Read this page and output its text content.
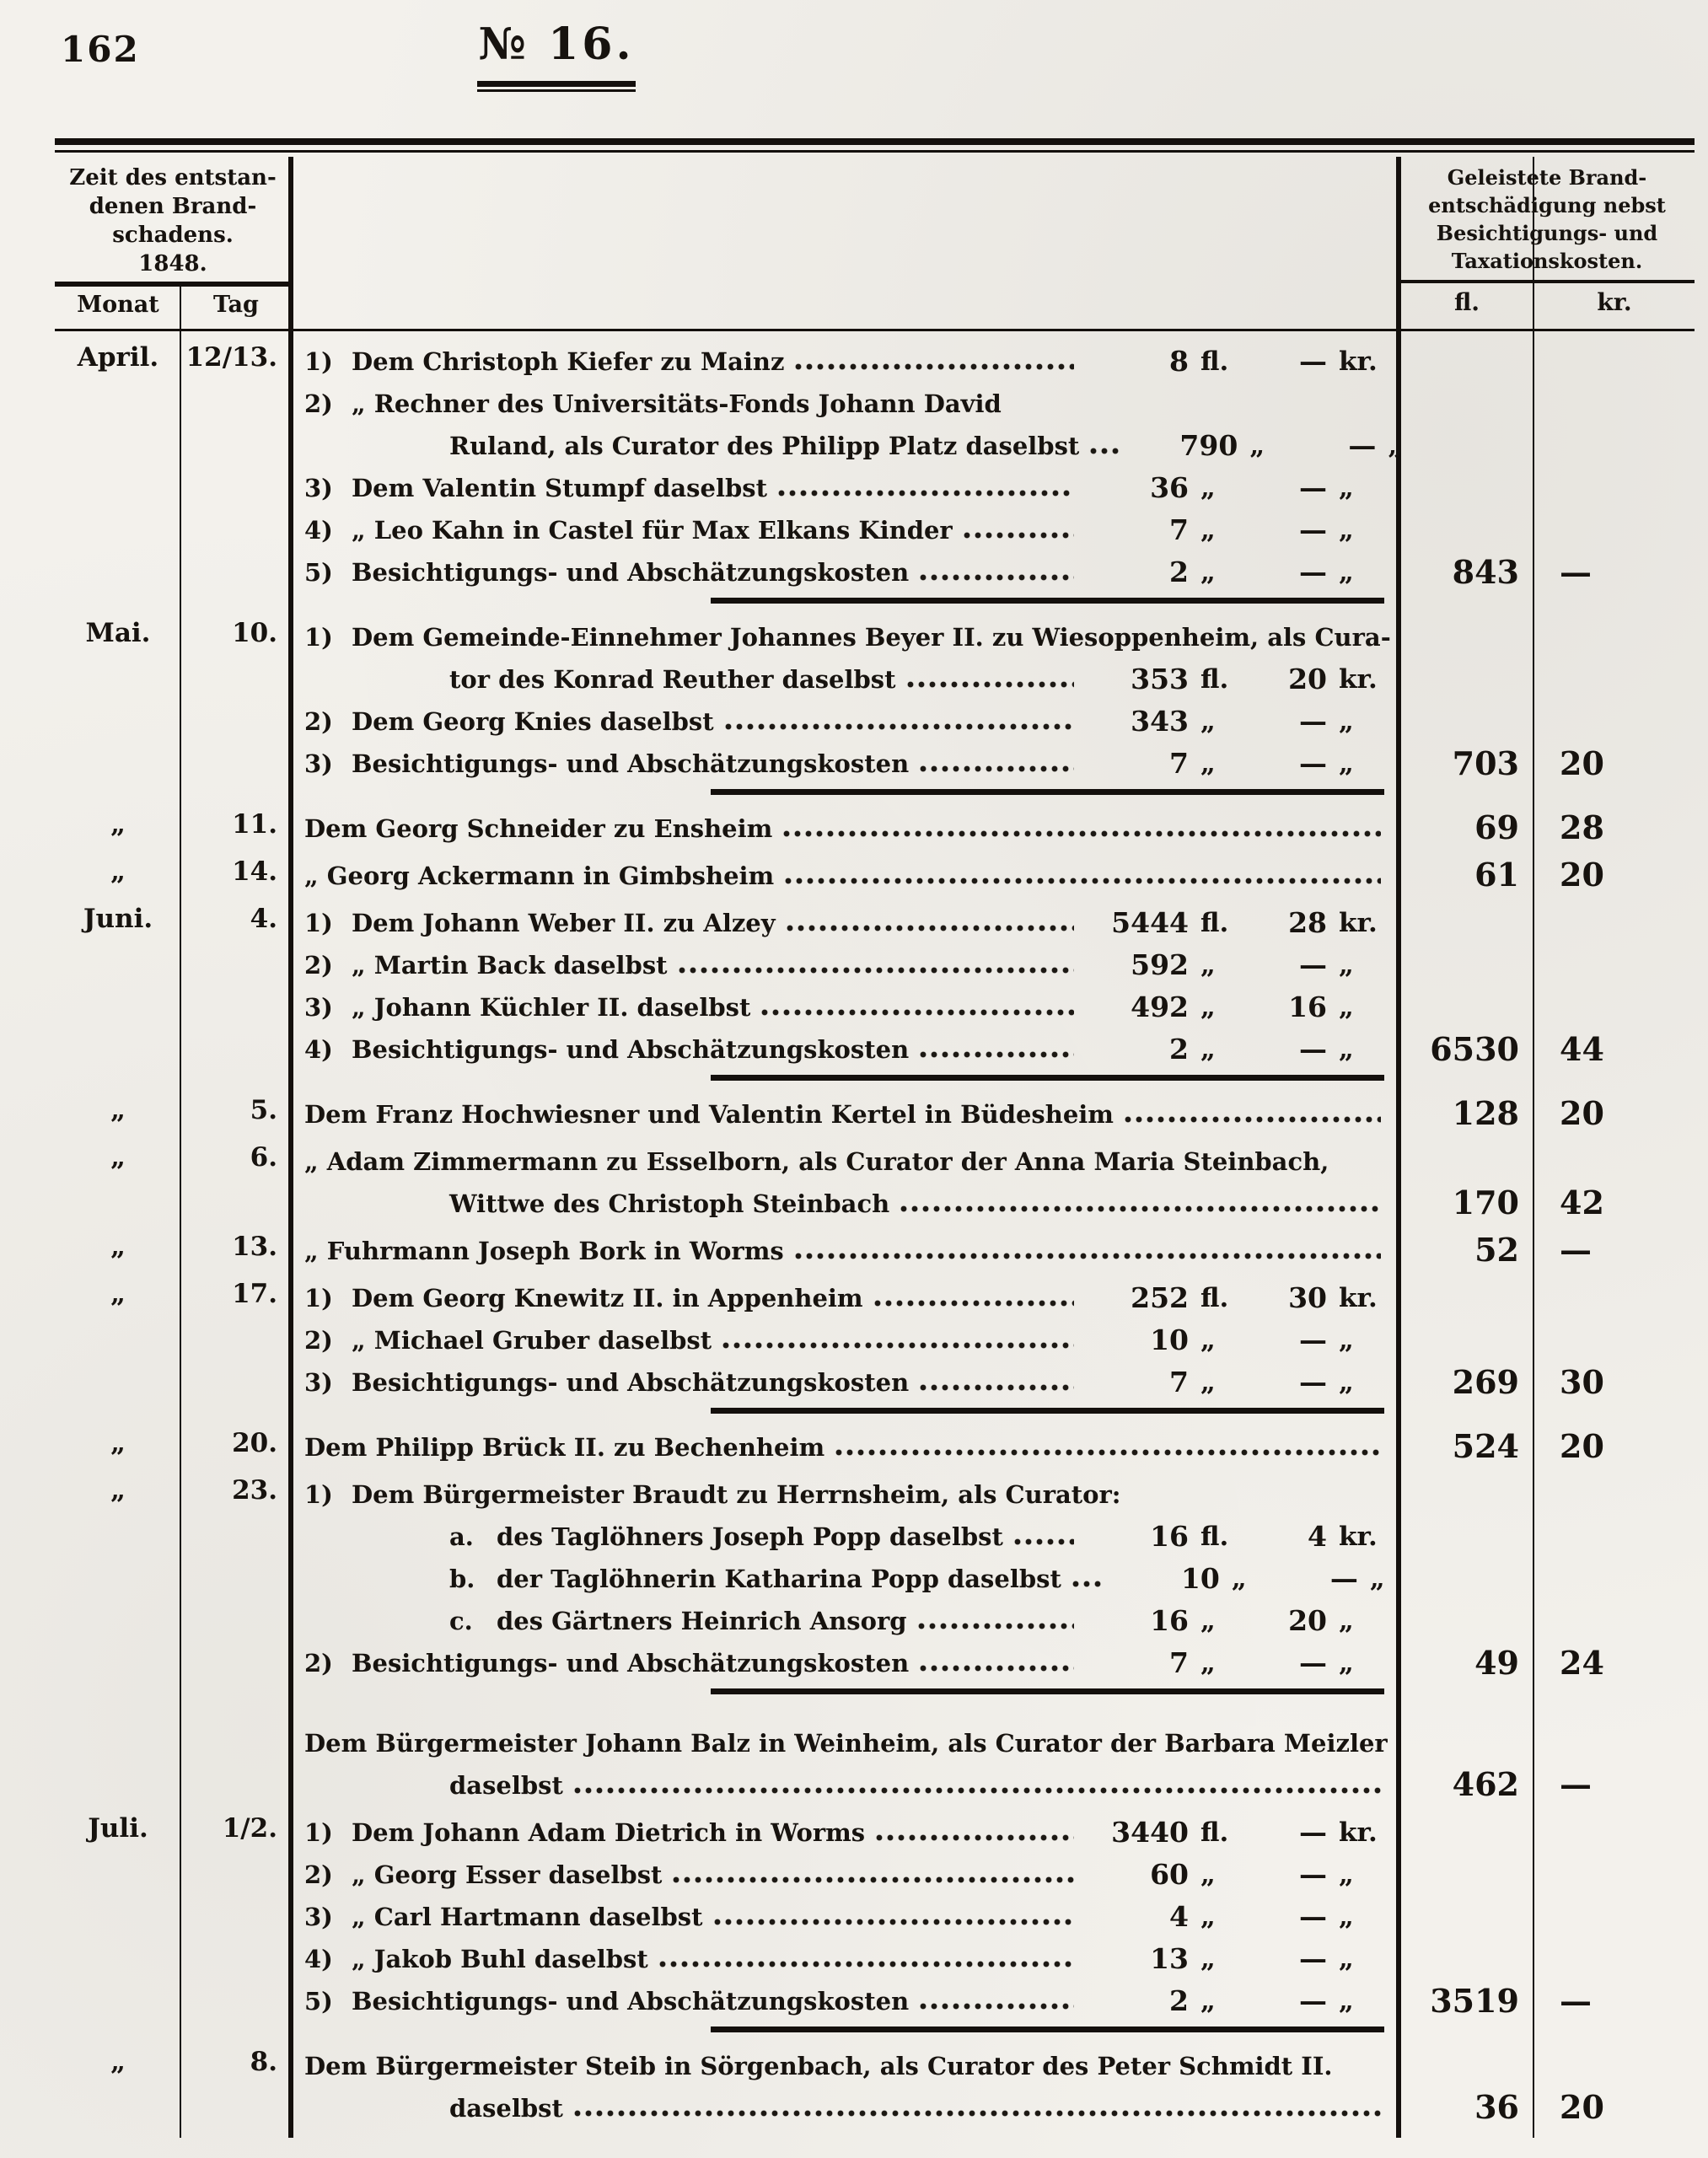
162	№ 16.
Zeit des entstan-
denen Brand-
schadens.
1848.
Monat	Tag
Geleistete Brand-
entschädigung nebst
Besichtigungs- und
Taxationskosten.
fl.	kr.
April.	12/13.	1) Dem Christoph Kiefer zu Mainz	8 fl.	— kr.
2) „ Rechner des Universitäts-Fonds Johann David
Ruland, als Curator des Philipp Platz daselbst	790 „	— „
3) Dem Valentin Stumpf daselbst	36 „	— „
4) „ Leo Kahn in Castel für Max Elkans Kinder	7 „	— „
5) Besichtigungs- und Abschätzungskosten	2 „	— „	843 —
Mai.	10.	1) Dem Gemeinde-Einnehmer Johannes Beyer II. zu Wiesoppenheim, als Cura-
tor des Konrad Reuther daselbst	353 fl.	20 kr.
2) Dem Georg Knies daselbst	343 „	— „
3) Besichtigungs- und Abschätzungskosten	7 „	— „	703 20
„	11.	Dem Georg Schneider zu Ensheim	69 28
„	14.	„ Georg Ackermann in Gimbsheim	61 20
Juni.	4.	1) Dem Johann Weber II. zu Alzey	5444 fl.	28 kr.
2) „ Martin Back daselbst	592 „	— „
3) „ Johann Küchler II. daselbst	492 „	16 „
4) Besichtigungs- und Abschätzungskosten	2 „	— „	6530 44
„	5.	Dem Franz Hochwiesner und Valentin Kertel in Büdesheim	128 20
„	6.	„ Adam Zimmermann zu Esselborn, als Curator der Anna Maria Steinbach,
Wittwe des Christoph Steinbach	170 42
„	13.	„ Fuhrmann Joseph Bork in Worms	52 —
„	17.	1) Dem Georg Knewitz II. in Appenheim	252 fl.	30 kr.
2) „ Michael Gruber daselbst	10 „	— „
3) Besichtigungs- und Abschätzungskosten	7 „	— „	269 30
„	20.	Dem Philipp Brück II. zu Bechenheim	524 20
„	23.	1) Dem Bürgermeister Braudt zu Herrnsheim, als Curator:
a. des Taglöhners Joseph Popp daselbst	16 fl.	4 kr.
b. der Taglöhnerin Katharina Popp daselbst	10 „	— „
c. des Gärtners Heinrich Ansorg	16 „	20 „
2) Besichtigungs- und Abschätzungskosten	7 „	— „	49 24
Dem Bürgermeister Johann Balz in Weinheim, als Curator der Barbara Meizler
daselbst	462 —
Juli.	1/2.	1) Dem Johann Adam Dietrich in Worms	3440 fl.	— kr.
2) „ Georg Esser daselbst	60 „	— „
3) „ Carl Hartmann daselbst	4 „	— „
4) „ Jakob Buhl daselbst	13 „	— „
5) Besichtigungs- und Abschätzungskosten	2 „	— „	3519 —
„	8.	Dem Bürgermeister Steib in Sörgenbach, als Curator des Peter Schmidt II.
daselbst	36 20
